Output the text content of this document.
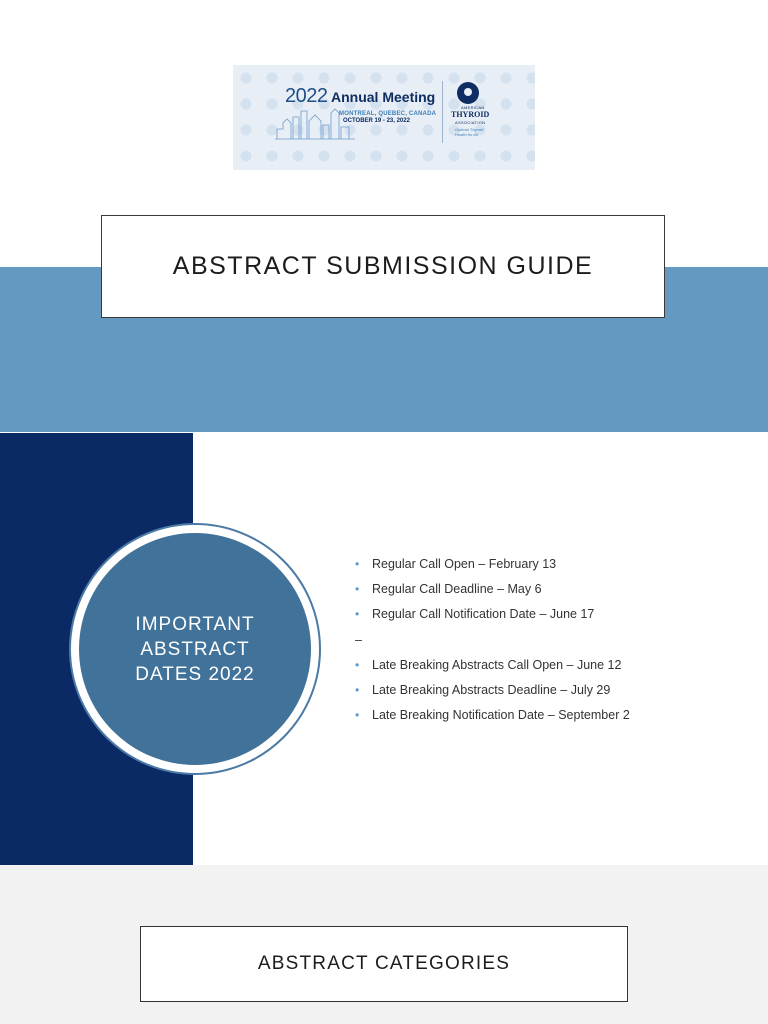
2022 Annual Meeting
MONTREAL, QUEBEC, CANADA
OCTOBER 19 - 23, 2022
AMERICAN
THYROID
ASSOCIATION
Optimal Thyroid Health for All
ABSTRACT SUBMISSION GUIDE
IMPORTANT
ABSTRACT
DATES 2022
•	Regular Call Open – February 13
•	Regular Call Deadline – May 6
•	Regular Call Notification Date – June 17
–
•	Late Breaking Abstracts Call Open – June 12
•	Late Breaking Abstracts Deadline – July 29
•	Late Breaking Notification Date – September 2
ABSTRACT CATEGORIES
